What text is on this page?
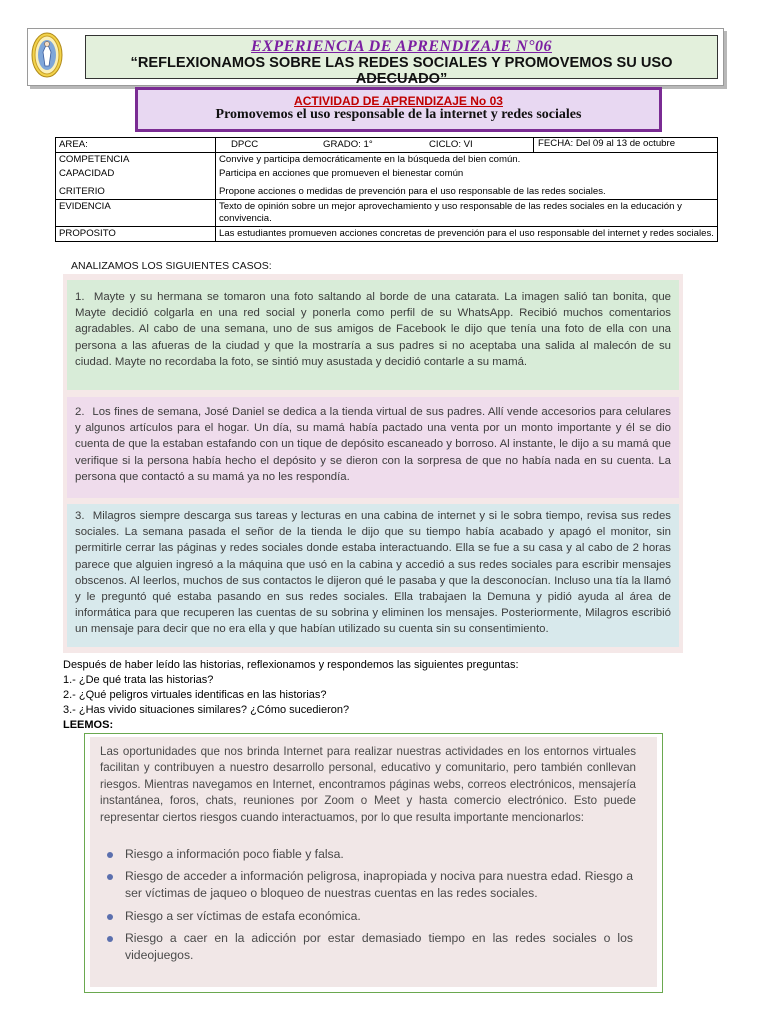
EXPERIENCIA DE APRENDIZAJE N°06
“REFLEXIONAMOS SOBRE LAS REDES SOCIALES Y PROMOVEMOS SU USO ADECUADO”
ACTIVIDAD DE APRENDIZAJE No 03
Promovemos el uso responsable de la internet y redes sociales
AREA:	DPCC GRADO: 1° CICLO: VI FECHA: Del 09 al 13 de octubre

COMPETENCIA	Convive y participa democráticamente en la búsqueda del bien común.
CAPACIDAD	Participa en acciones que promueven el bienestar común
CRITERIO	Propone acciones o medidas de prevención para el uso responsable de las redes sociales.
EVIDENCIA	Texto de opinión sobre un mejor aprovechamiento y uso responsable de las redes sociales en la educación y convivencia.
PROPOSITO	Las estudiantes promueven acciones concretas de prevención para el uso responsable del internet y redes sociales.
ANALIZAMOS LOS SIGUIENTES CASOS:
1. Mayte y su hermana se tomaron una foto saltando al borde de una catarata. La imagen salió tan bonita, que Mayte decidió colgarla en una red social y ponerla como perfil de su WhatsApp. Recibió muchos comentarios agradables. Al cabo de una semana, uno de sus amigos de Facebook le dijo que tenía una foto de ella con una persona a las afueras de la ciudad y que la mostraría a sus padres si no aceptaba una salida al malecón de su ciudad. Mayte no recordaba la foto, se sintió muy asustada y decidió contarle a su mamá.
2. Los fines de semana, José Daniel se dedica a la tienda virtual de sus padres. Allí vende accesorios para celulares y algunos artículos para el hogar. Un día, su mamá había pactado una venta por un monto importante y él se dio cuenta de que la estaban estafando con un tique de depósito escaneado y borroso. Al instante, le dijo a su mamá que verifique si la persona había hecho el depósito y se dieron con la sorpresa de que no había nada en su cuenta. La persona que contactó a su mamá ya no les respondía.
3. Milagros siempre descarga sus tareas y lecturas en una cabina de internet y si le sobra tiempo, revisa sus redes sociales. La semana pasada el señor de la tienda le dijo que su tiempo había acabado y apagó el monitor, sin permitirle cerrar las páginas y redes sociales donde estaba interactuando. Ella se fue a su casa y al cabo de 2 horas parece que alguien ingresó a la máquina que usó en la cabina y accedió a sus redes sociales para escribir mensajes obscenos. Al leerlos, muchos de sus contactos le dijeron qué le pasaba y que la desconocían. Incluso una tía la llamó y le preguntó qué estaba pasando en sus redes sociales. Ella trabajaen la Demuna y pidió ayuda al área de informática para que recuperen las cuentas de su sobrina y eliminen los mensajes. Posteriormente, Milagros escribió un mensaje para decir que no era ella y que habían utilizado su cuenta sin su consentimiento.
Después de haber leído las historias, reflexionamos y respondemos las siguientes preguntas:
1.- ¿De qué trata las historias?
2.- ¿Qué peligros virtuales identificas en las historias?
3.- ¿Has vivido situaciones similares? ¿Cómo sucedieron?
LEEMOS:
Las oportunidades que nos brinda Internet para realizar nuestras actividades en los entornos virtuales facilitan y contribuyen a nuestro desarrollo personal, educativo y comunitario, pero también conllevan riesgos. Mientras navegamos en Internet, encontramos páginas webs, correos electrónicos, mensajería instantánea, foros, chats, reuniones por Zoom o Meet y hasta comercio electrónico. Esto puede representar ciertos riesgos cuando interactuamos, por lo que resulta importante mencionarlos:
Riesgo a información poco fiable y falsa.
Riesgo de acceder a información peligrosa, inapropiada y nociva para nuestra edad. Riesgo a ser víctimas de jaqueo o bloqueo de nuestras cuentas en las redes sociales.
Riesgo a ser víctimas de estafa económica.
Riesgo a caer en la adicción por estar demasiado tiempo en las redes sociales o los videojuegos.
